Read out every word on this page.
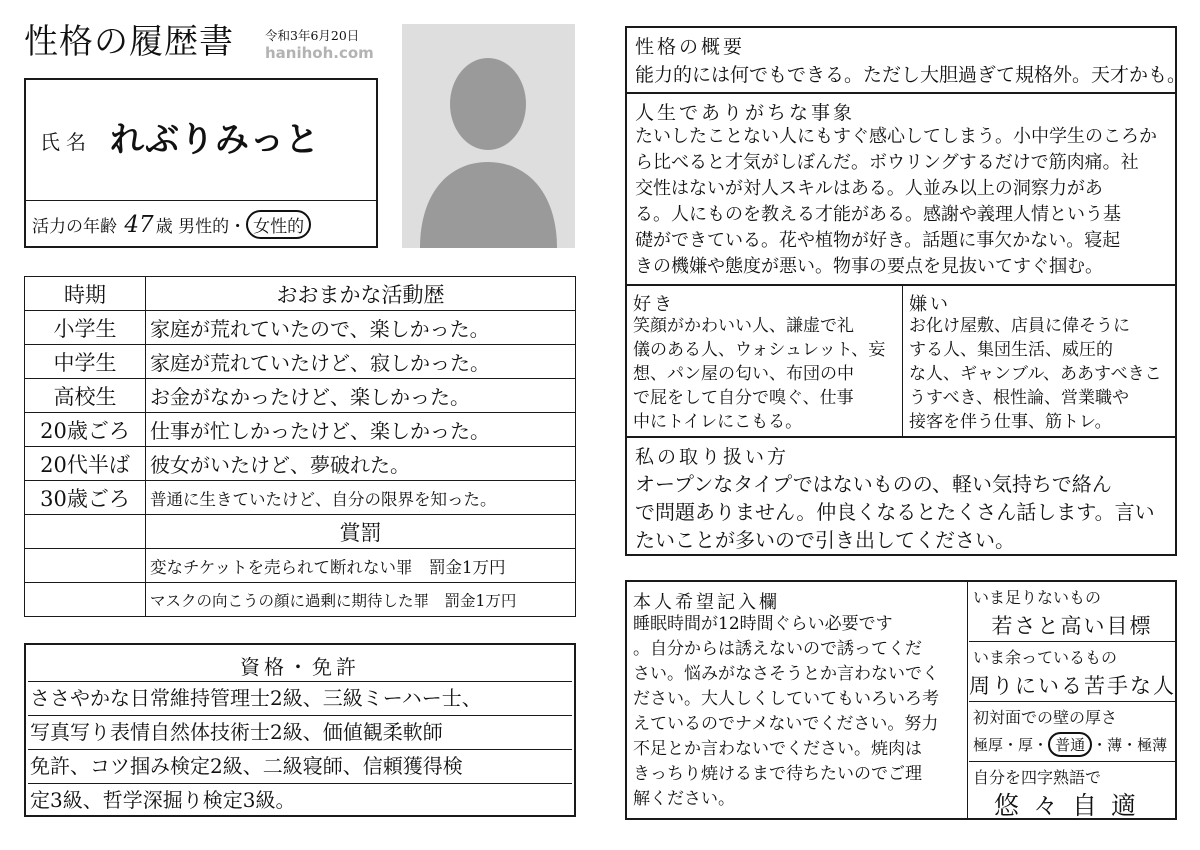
性格の履歴書 令和3年6月20日
hanihoh.com
氏名 れぶりみっと
活力の年齢 47 歳 男性的・ 女性的
時期	おおまかな活動歴
小学生	家庭が荒れていたので、楽しかった。
中学生	家庭が荒れていたけど、寂しかった。
高校生	お金がなかったけど、楽しかった。
20歳ごろ	仕事が忙しかったけど、楽しかった。
20代半ば	彼女がいたけど、夢破れた。
30歳ごろ	普通に生きていたけど、自分の限界を知った。
	賞罰
	変なチケットを売られて断れない罪　罰金1万円
	マスクの向こうの顔に過剰に期待した罪　罰金1万円
資格・免許
ささやかな日常維持管理士2級、三級ミーハー士、
写真写り表情自然体技術士2級、価値観柔軟師
免許、コツ掴み検定2級、二級寝師、信頼獲得検
定3級、哲学深掘り検定3級。
性格の概要
能力的には何でもできる。ただし大胆過ぎて規格外。天才かも。
人生でありがちな事象
たいしたことない人にもすぐ感心してしまう。小中学生のころか
ら比べると才気がしぼんだ。ボウリングするだけで筋肉痛。社
交性はないが対人スキルはある。人並み以上の洞察力があ
る。人にものを教える才能がある。感謝や義理人情という基
礎ができている。花や植物が好き。話題に事欠かない。寝起
きの機嫌や態度が悪い。物事の要点を見抜いてすぐ掴む。
好き
笑顔がかわいい人、謙虚で礼
儀のある人、ウォシュレット、妄
想、パン屋の匂い、布団の中
で屁をして自分で嗅ぐ、仕事
中にトイレにこもる。
嫌い
お化け屋敷、店員に偉そうに
する人、集団生活、威圧的
な人、ギャンブル、ああすべきこ
うすべき、根性論、営業職や
接客を伴う仕事、筋トレ。
私の取り扱い方
オープンなタイプではないものの、軽い気持ちで絡ん
で問題ありません。仲良くなるとたくさん話します。言い
たいことが多いので引き出してください。
本人希望記入欄
睡眠時間が12時間ぐらい必要です
。自分からは誘えないので誘ってくだ
さい。悩みがなさそうとか言わないでく
ださい。大人しくしていてもいろいろ考
えているのでナメないでください。努力
不足とか言わないでください。焼肉は
きっちり焼けるまで待ちたいのでご理
解ください。
いま足りないもの
若さと高い目標
いま余っているもの
周りにいる苦手な人
初対面での壁の厚さ
極厚・厚・ 普通 ・薄・極薄
自分を四字熟語で
悠々自適
